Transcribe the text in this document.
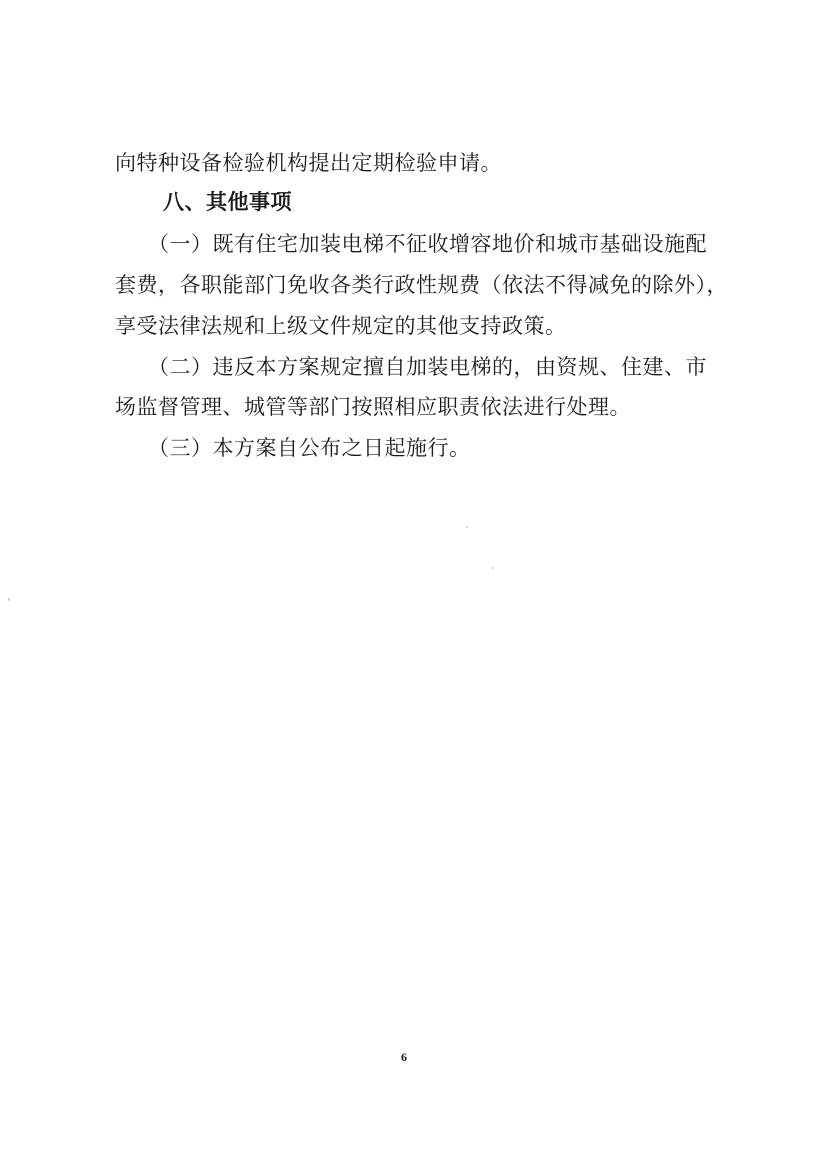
向特种设备检验机构提出定期检验申请。
八、其他事项
（一）既有住宅加装电梯不征收增容地价和城市基础设施配
套费，各职能部门免收各类行政性规费（依法不得减免的除外），
享受法律法规和上级文件规定的其他支持政策。
（二）违反本方案规定擅自加装电梯的，由资规、住建、市
场监督管理、城管等部门按照相应职责依法进行处理。
（三）本方案自公布之日起施行。
6
